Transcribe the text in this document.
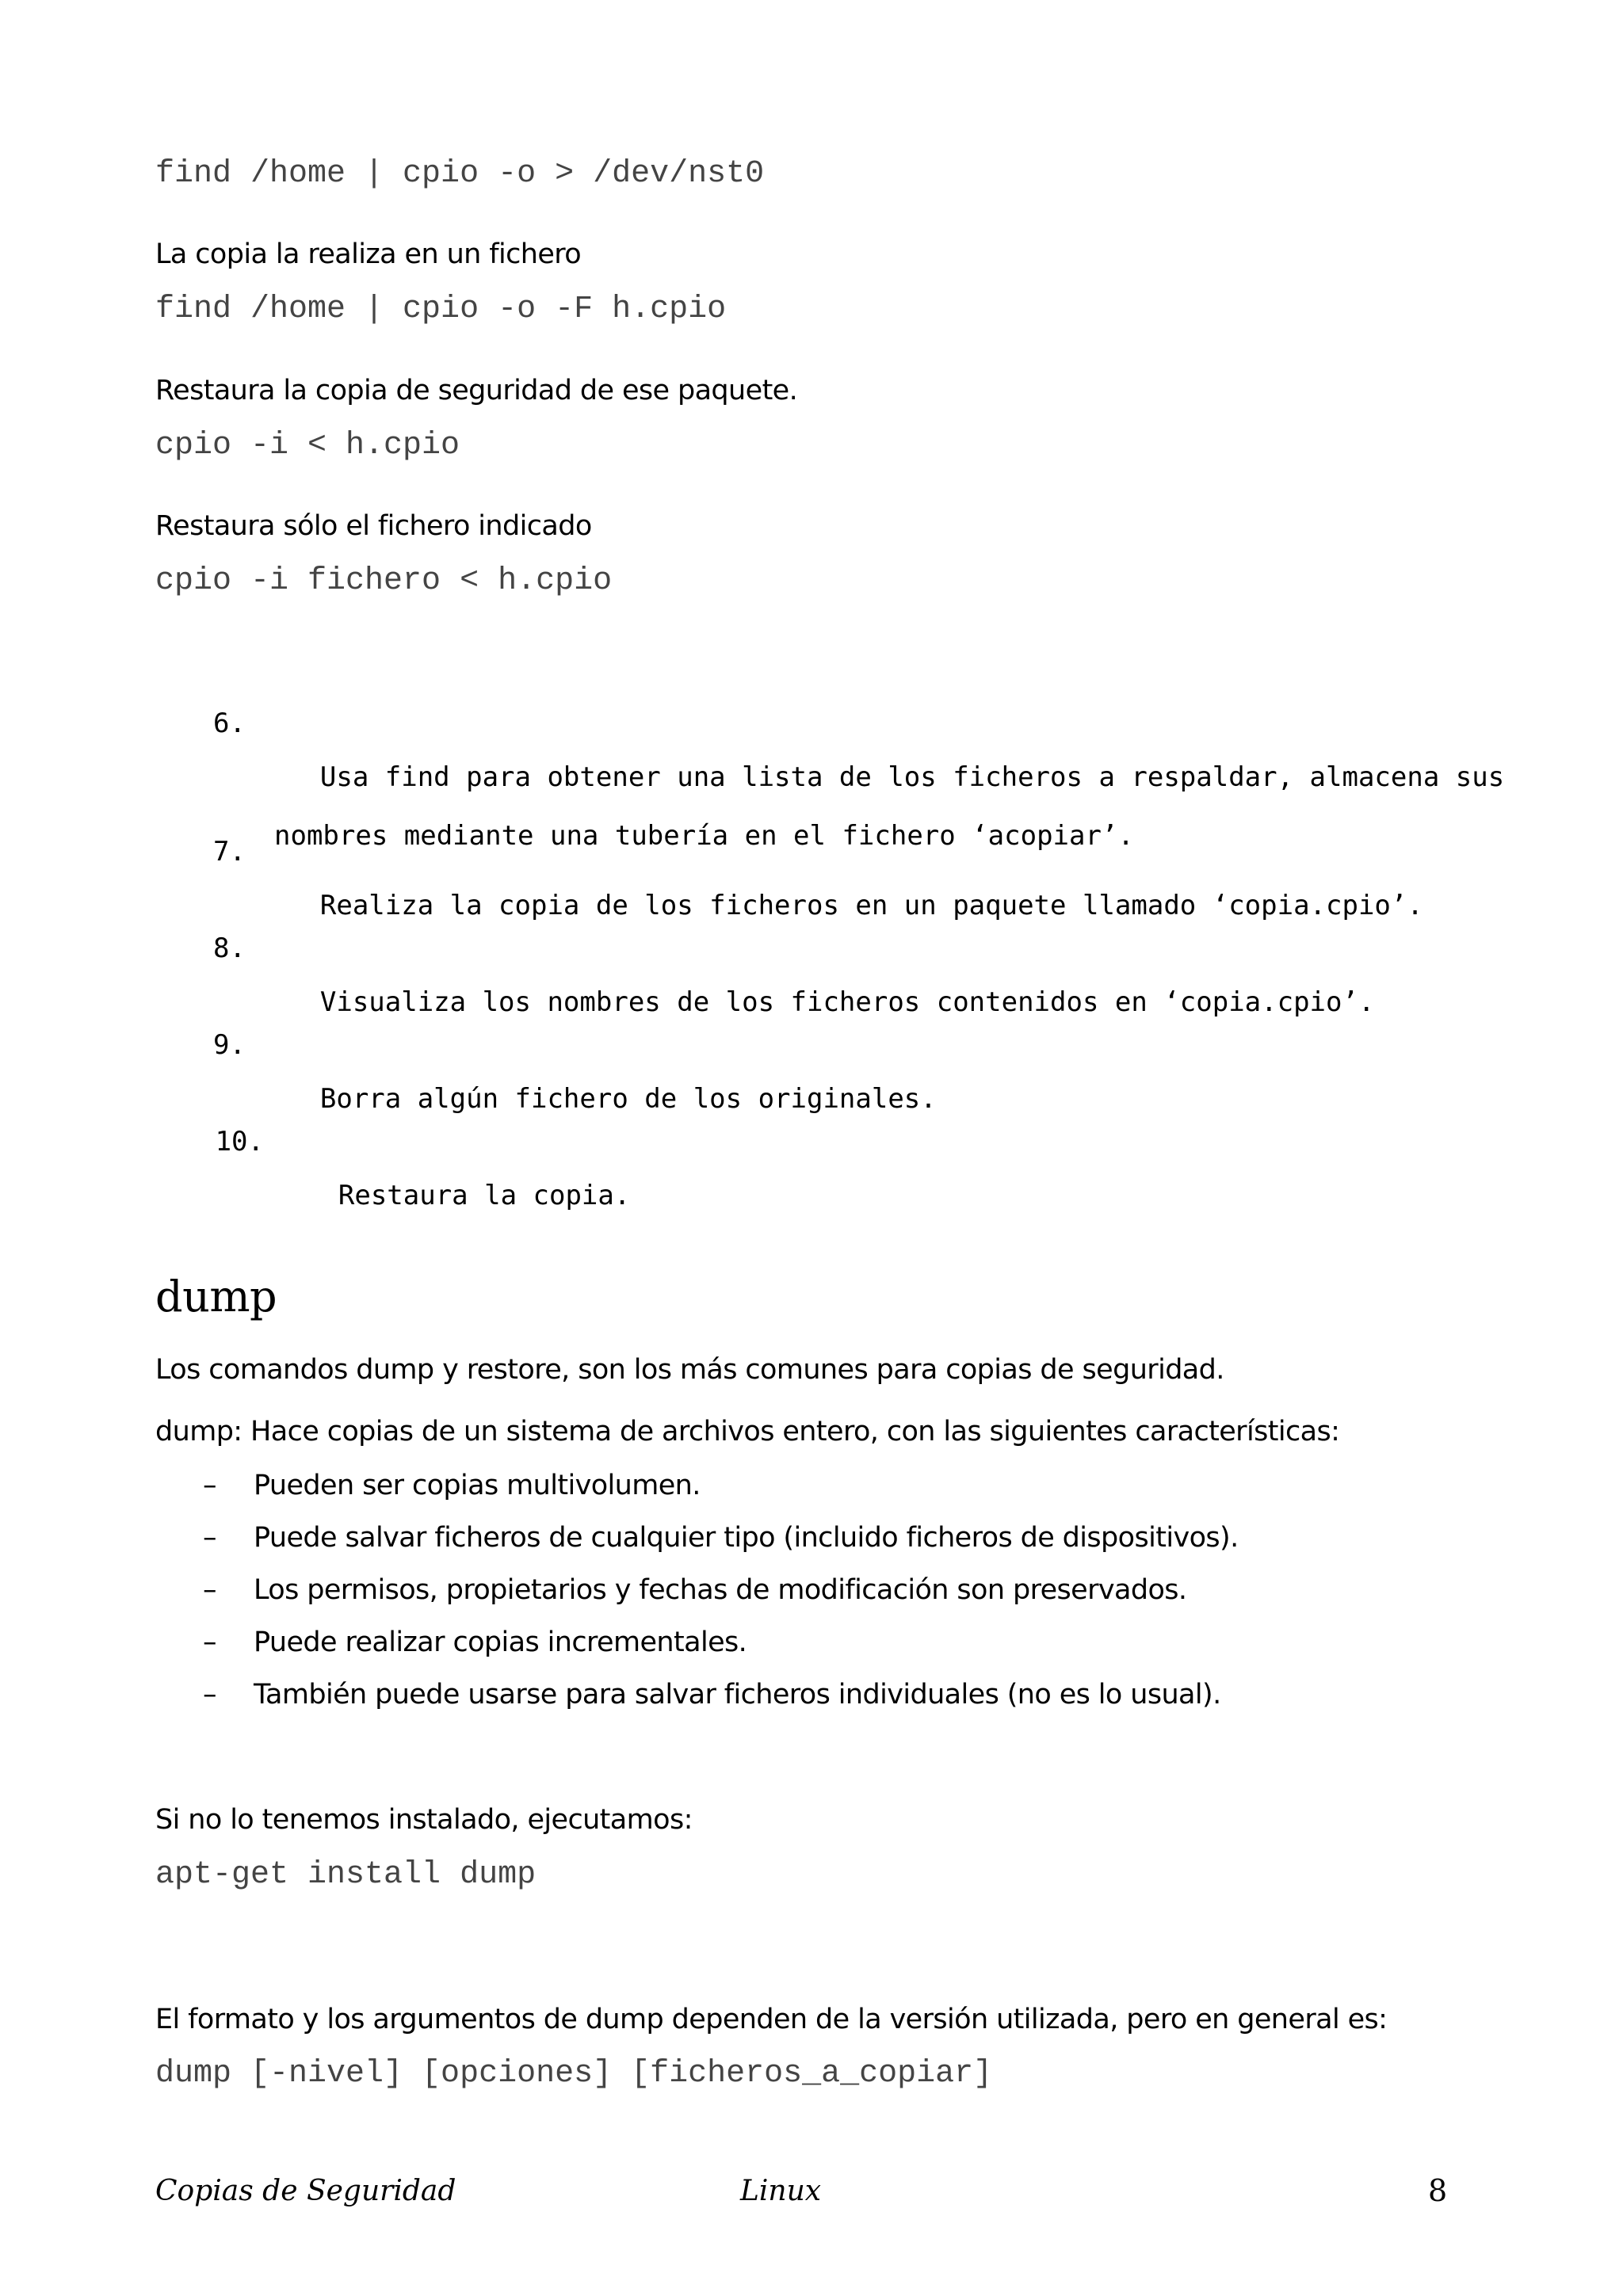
find /home | cpio -o > /dev/nst0
La copia la realiza en un fichero
find /home | cpio -o -F h.cpio
Restaura la copia de seguridad de ese paquete.
cpio -i < h.cpio
Restaura sólo el fichero indicado
cpio -i fichero < h.cpio

6.

Usa find para obtener una lista de los ficheros a respaldar, almacena sus

nombres mediante una tubería en el fichero ‘acopiar’.

7.

Realiza la copia de los ficheros en un paquete llamado ‘copia.cpio’.

8.

Visualiza los nombres de los ficheros contenidos en ‘copia.cpio’.

9.

Borra algún fichero de los originales.

10.

Restaura la copia.

dump
Los comandos dump y restore, son los más comunes para copias de seguridad.
dump: Hace copias de un sistema de archivos entero, con las siguientes características:
– Pueden ser copias multivolumen.
– Puede salvar ficheros de cualquier tipo (incluido ficheros de dispositivos).
– Los permisos, propietarios y fechas de modificación son preservados.
– Puede realizar copias incrementales.
– También puede usarse para salvar ficheros individuales (no es lo usual).
Si no lo tenemos instalado, ejecutamos:
apt-get install dump
El formato y los argumentos de dump dependen de la versión utilizada, pero en general es:
dump [-nivel] [opciones] [ficheros_a_copiar]
Copias de Seguridad	Linux	8
